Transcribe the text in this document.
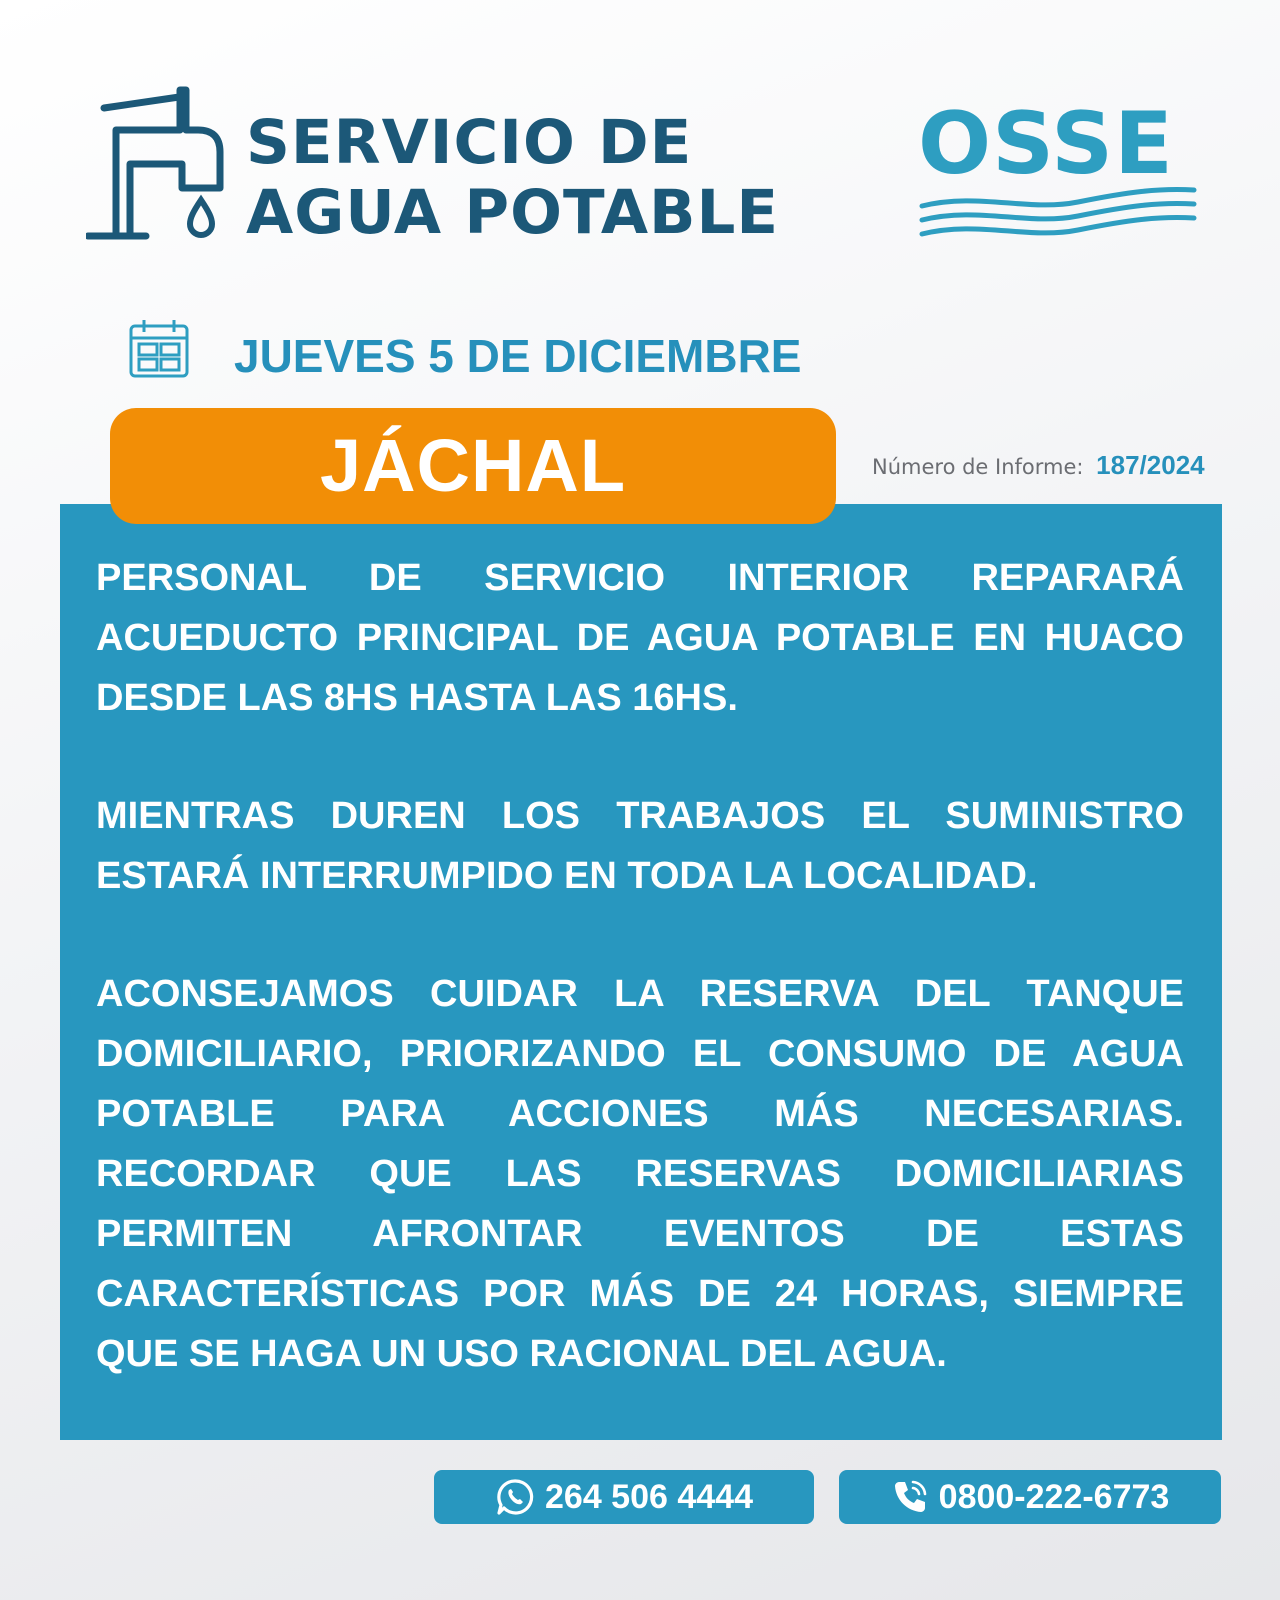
SERVICIO DE
AGUA POTABLE
OSSE
JUEVES 5 DE DICIEMBRE
JÁCHAL	Número de Informe: 187/2024

PERSONAL DE SERVICIO INTERIOR REPARARÁ ACUEDUCTO PRINCIPAL DE AGUA POTABLE EN HUACO DESDE LAS 8HS HASTA LAS 16HS.

MIENTRAS DUREN LOS TRABAJOS EL SUMINISTRO ESTARÁ INTERRUMPIDO EN TODA LA LOCALIDAD.

ACONSEJAMOS CUIDAR LA RESERVA DEL TANQUE DOMICILIARIO, PRIORIZANDO EL CONSUMO DE AGUA POTABLE PARA ACCIONES MÁS NECESARIAS. RECORDAR QUE LAS RESERVAS DOMICILIARIAS PERMITEN AFRONTAR EVENTOS DE ESTAS CARACTERÍSTICAS POR MÁS DE 24 HORAS, SIEMPRE QUE SE HAGA UN USO RACIONAL DEL AGUA.

264 506 4444	0800-222-6773
